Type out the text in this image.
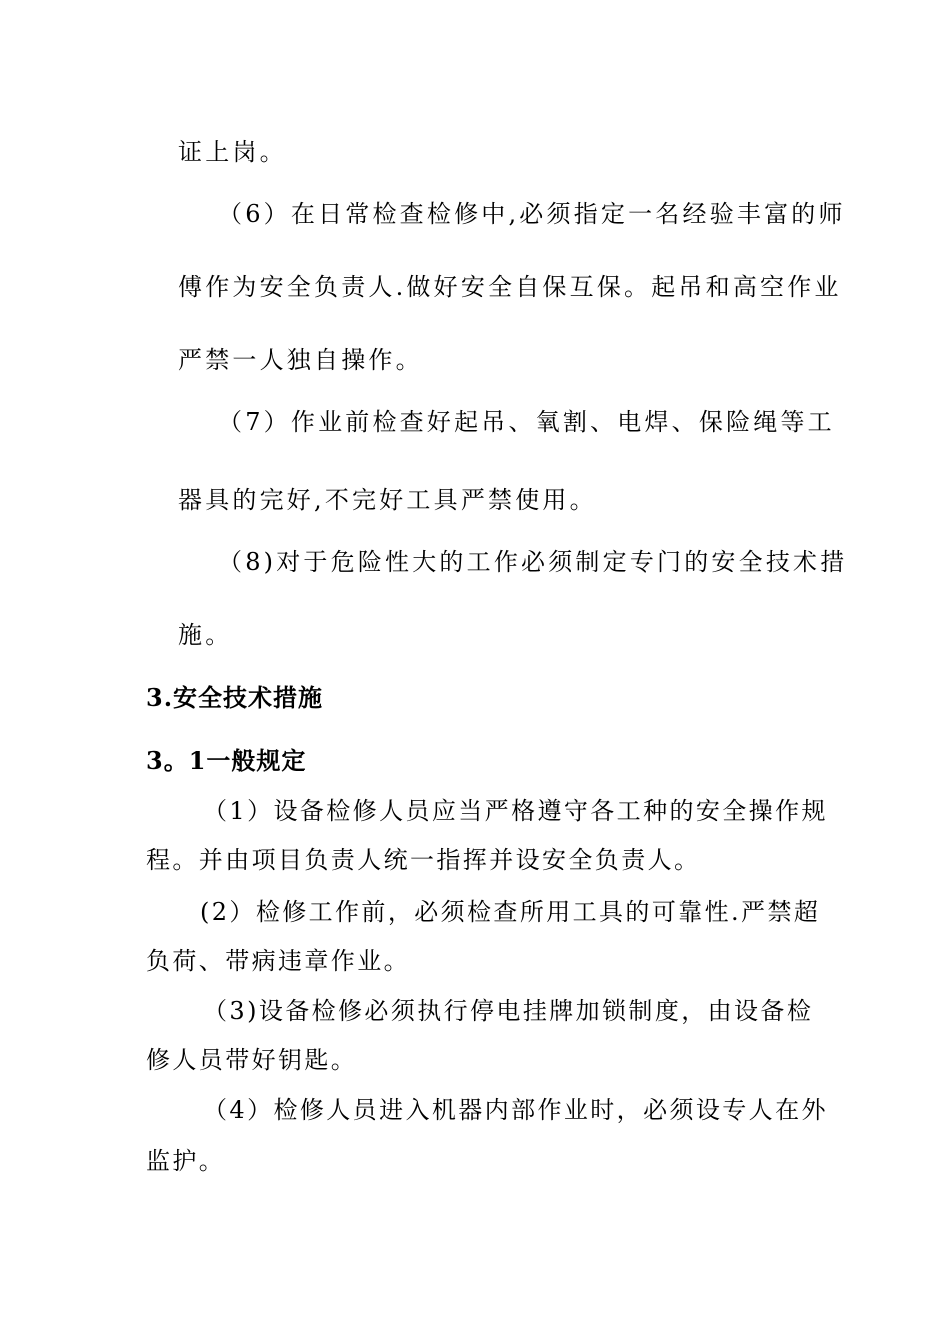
证上岗。
（6）在日常检查检修中,必须指定一名经验丰富的师
傅作为安全负责人.做好安全自保互保。起吊和高空作业
严禁一人独自操作。
（7）作业前检查好起吊、氧割、电焊、保险绳等工
器具的完好,不完好工具严禁使用。
（8)对于危险性大的工作必须制定专门的安全技术措
施。
3.安全技术措施
3。1一般规定
（1）设备检修人员应当严格遵守各工种的安全操作规
程。并由项目负责人统一指挥并设安全负责人。
(2）检修工作前，必须检查所用工具的可靠性.严禁超
负荷、带病违章作业。
（3)设备检修必须执行停电挂牌加锁制度，由设备检
修人员带好钥匙。
（4）检修人员进入机器内部作业时，必须设专人在外
监护。
